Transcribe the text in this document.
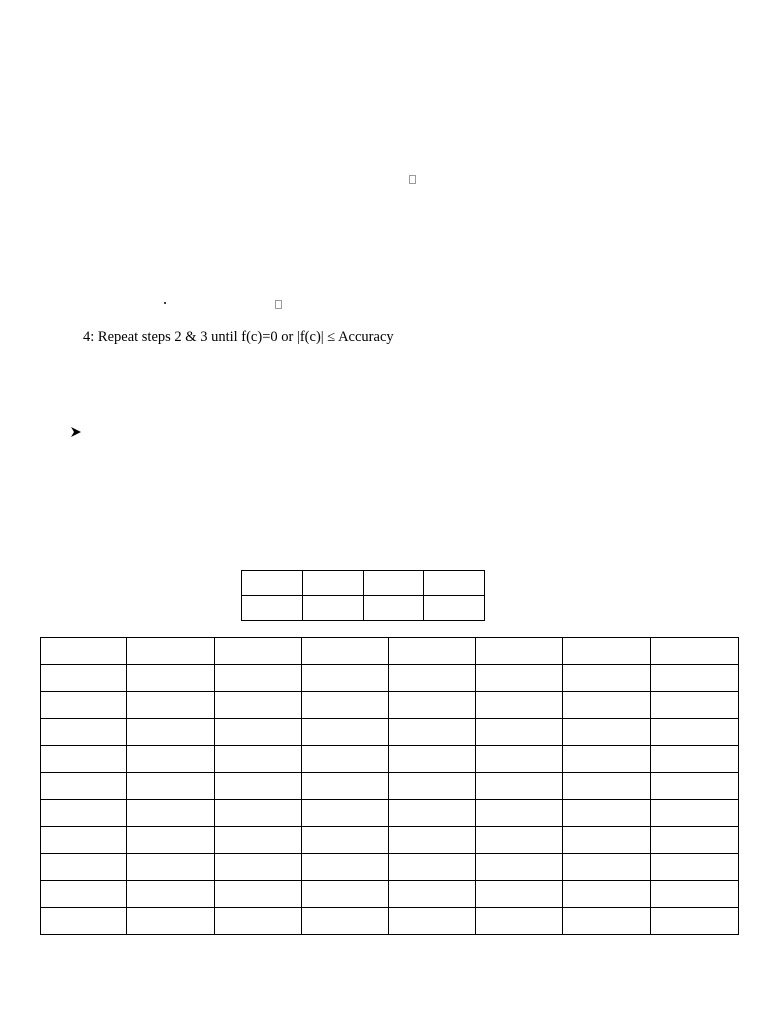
4: Repeat steps 2 & 3 until f(c)=0 or |f(c)| ≤ Accuracy
